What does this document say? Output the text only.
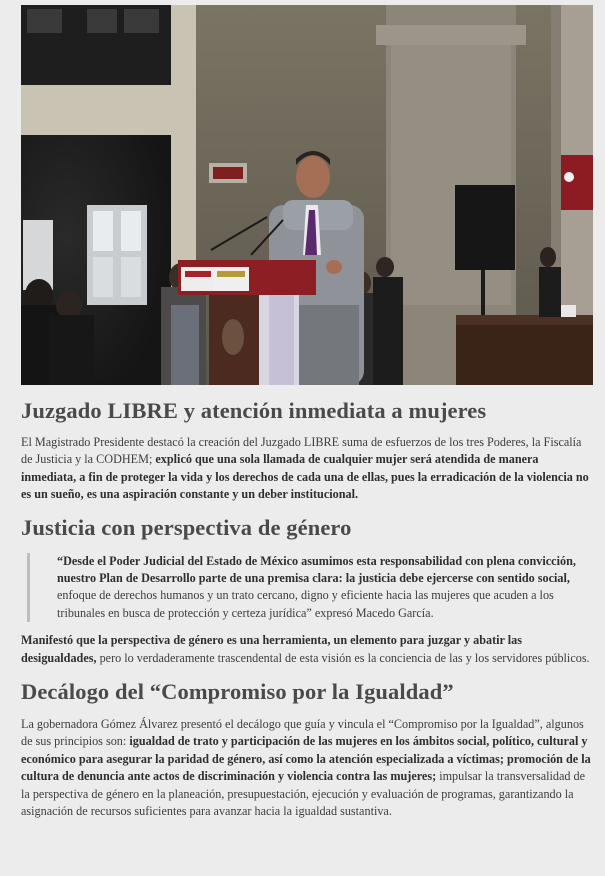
Juzgado LIBRE y atención inmediata a mujeres

El Magistrado Presidente destacó la creación del Juzgado LIBRE suma de esfuerzos de los tres Poderes, la Fiscalía de Justicia y la CODHEM; explicó que una sola llamada de cualquier mujer será atendida de manera inmediata, a fin de proteger la vida y los derechos de cada una de ellas, pues la erradicación de la violencia no es un sueño, es una aspiración constante y un deber institucional.

Justicia con perspectiva de género

“Desde el Poder Judicial del Estado de México asumimos esta responsabilidad con plena convicción, nuestro Plan de Desarrollo parte de una premisa clara: la justicia debe ejercerse con sentido social, enfoque de derechos humanos y un trato cercano, digno y eficiente hacia las mujeres que acuden a los tribunales en busca de protección y certeza jurídica” expresó Macedo García.

Manifestó que la perspectiva de género es una herramienta, un elemento para juzgar y abatir las desigualdades, pero lo verdaderamente trascendental de esta visión es la conciencia de las y los servidores públicos.

Decálogo del “Compromiso por la Igualdad”

La gobernadora Gómez Álvarez presentó el decálogo que guía y vincula el “Compromiso por la Igualdad”, algunos de sus principios son: igualdad de trato y participación de las mujeres en los ámbitos social, político, cultural y económico para asegurar la paridad de género, así como la atención especializada a víctimas; promoción de la cultura de denuncia ante actos de discriminación y violencia contra las mujeres; impulsar la transversalidad de la perspectiva de género en la planeación, presupuestación, ejecución y evaluación de programas, garantizando la asignación de recursos suficientes para avanzar hacia la igualdad sustantiva.
